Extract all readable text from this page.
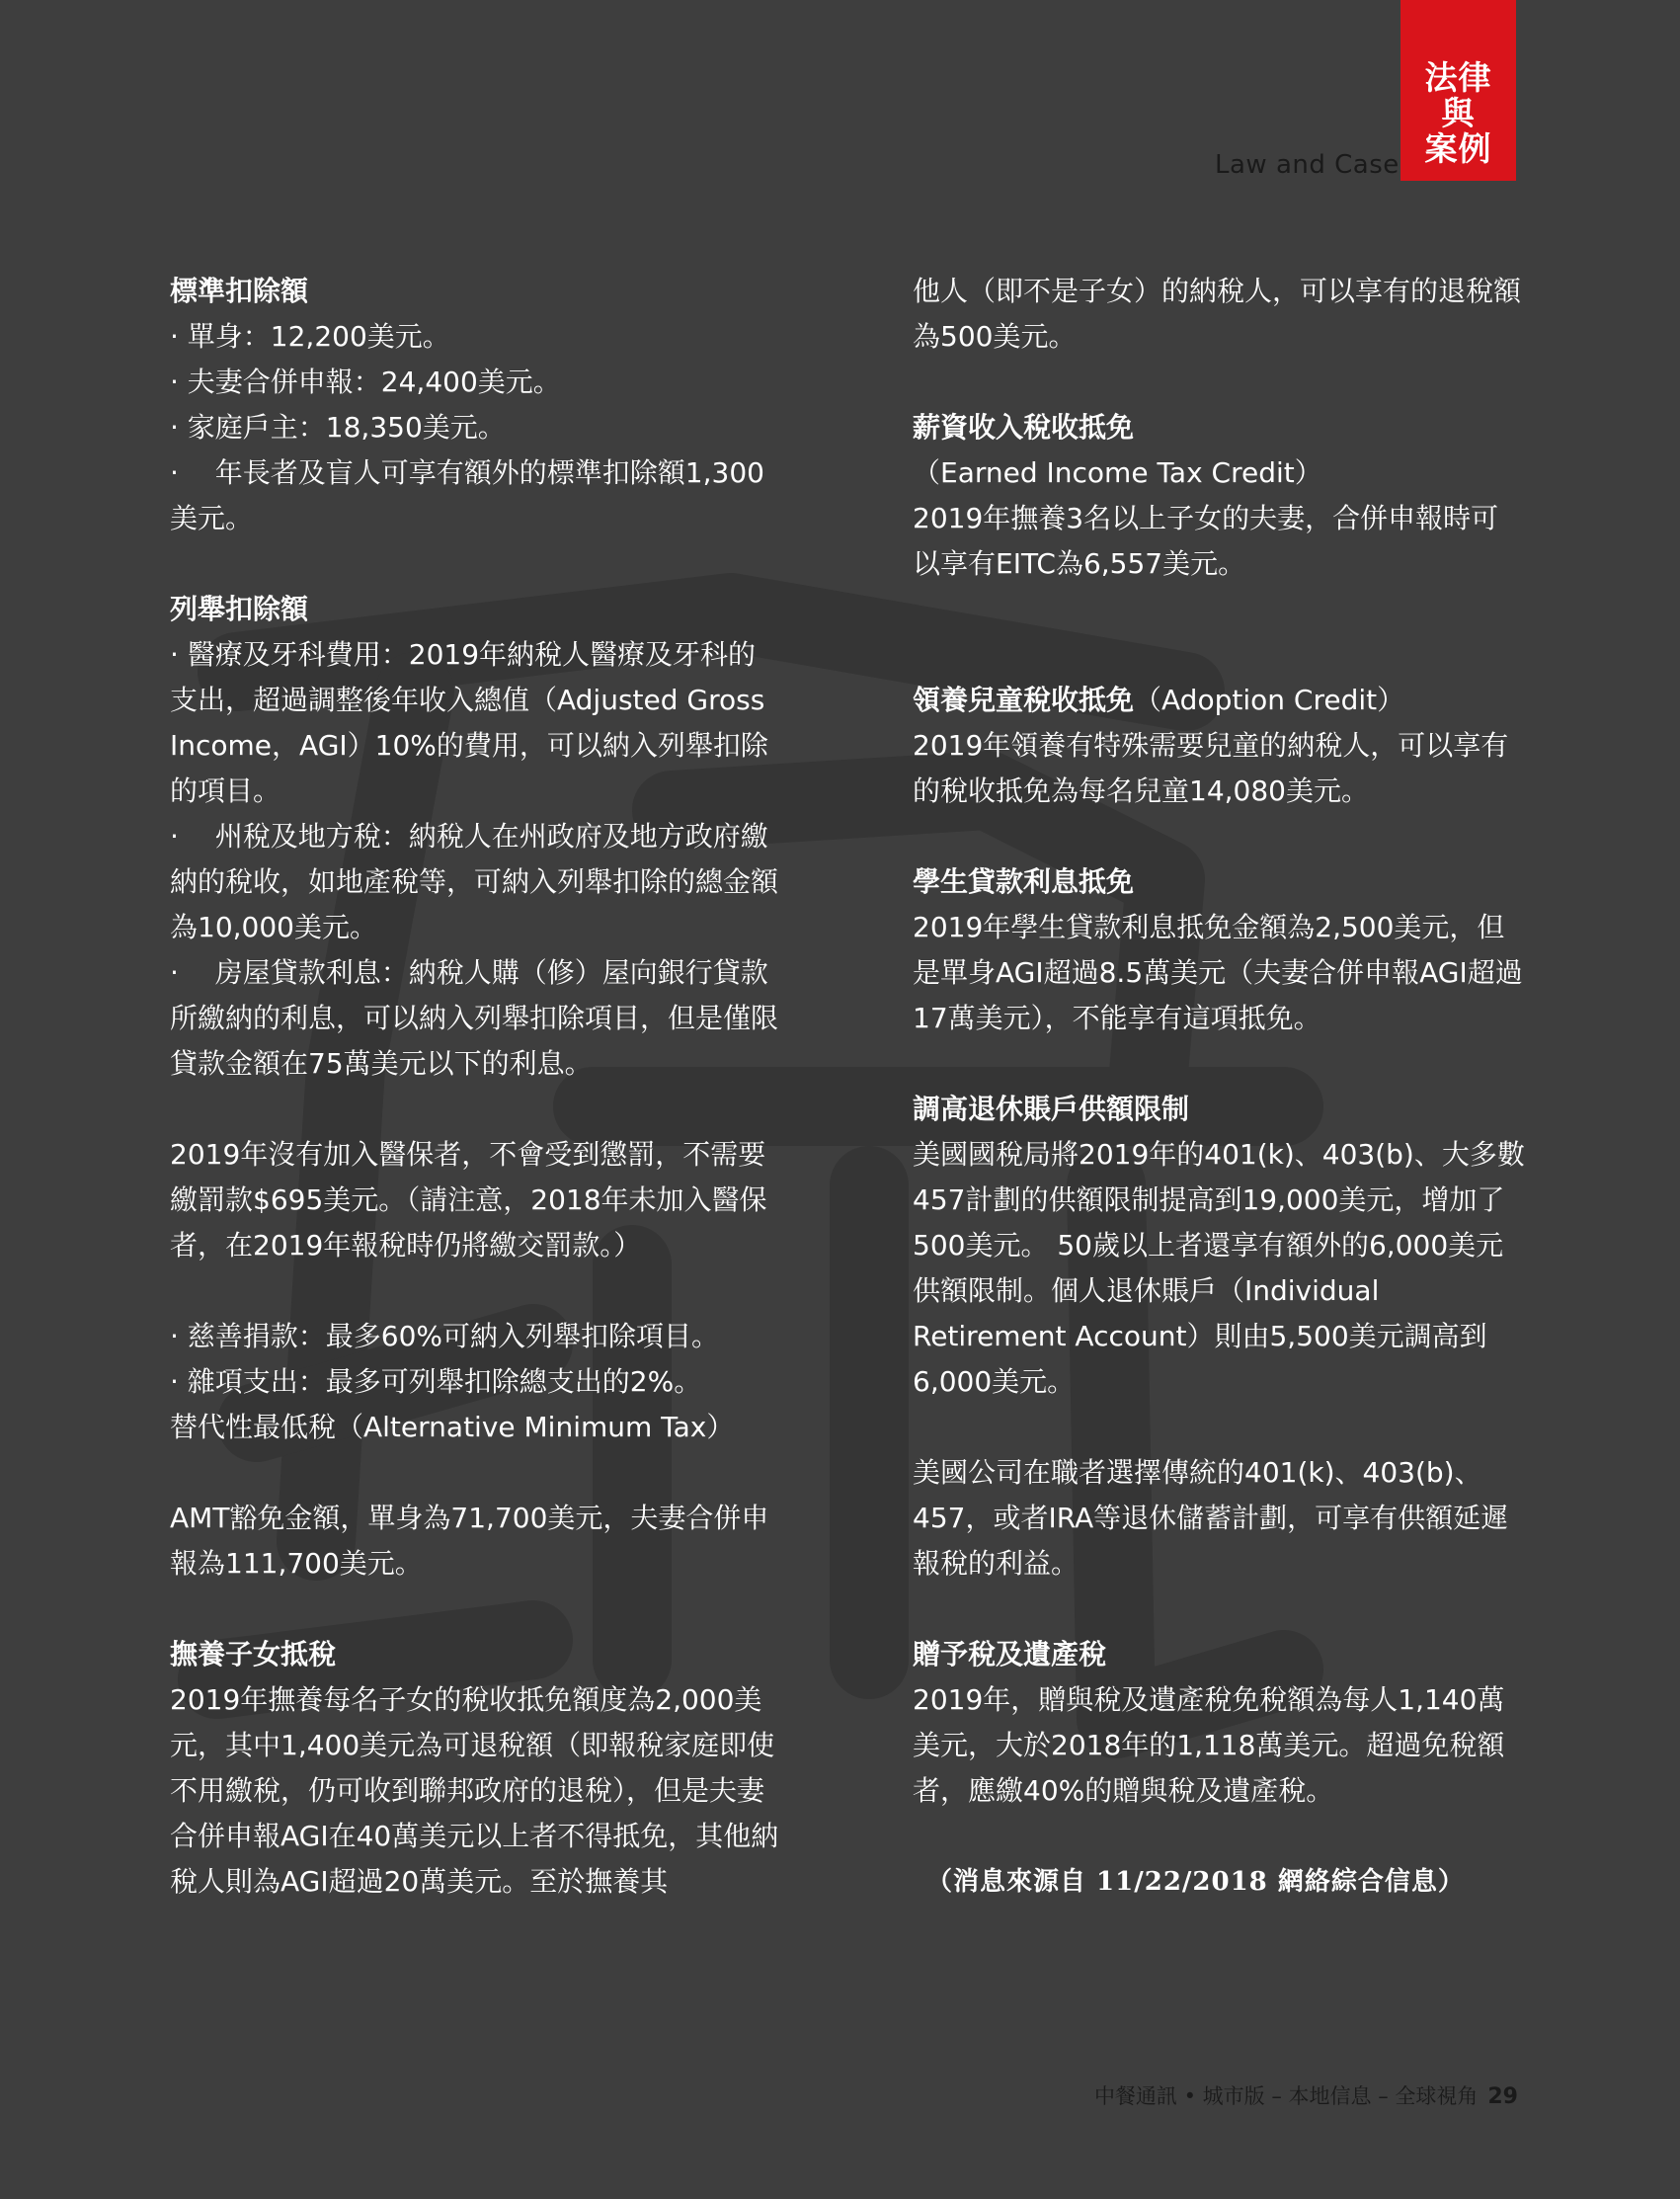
法律
與
案例
Law and Case

標準扣除額

· 單身：12,200美元。

· 夫妻合併申報：24,400美元。

· 家庭戶主：18,350美元。

· 　年長者及盲人可享有額外的標準扣除額1,300美元。

列舉扣除額

· 醫療及牙科費用：2019年納稅人醫療及牙科的支出，超過調整後年收入總值（Adjusted Gross Income，AGI）10%的費用，可以納入列舉扣除的項目。

· 　州稅及地方稅：納稅人在州政府及地方政府繳納的稅收，如地產稅等，可納入列舉扣除的總金額為10,000美元。

· 　房屋貸款利息：納稅人購（修）屋向銀行貸款所繳納的利息，可以納入列舉扣除項目，但是僅限貸款金額在75萬美元以下的利息。

2019年沒有加入醫保者，不會受到懲罰，不需要繳罰款$695美元。（請注意，2018年未加入醫保者，在2019年報稅時仍將繳交罰款。）

· 慈善捐款：最多60%可納入列舉扣除項目。

· 雜項支出：最多可列舉扣除總支出的2%。

替代性最低稅（Alternative Minimum Tax）

AMT豁免金額，單身為71,700美元，夫妻合併申報為111,700美元。

撫養子女抵稅

2019年撫養每名子女的稅收抵免額度為2,000美元，其中1,400美元為可退稅額（即報稅家庭即使不用繳稅，仍可收到聯邦政府的退稅），但是夫妻合併申報AGI在40萬美元以上者不得抵免，其他納稅人則為AGI超過20萬美元。至於撫養其

他人（即不是子女）的納稅人，可以享有的退稅額為500美元。

薪資收入稅收抵免

（Earned Income Tax Credit）

2019年撫養3名以上子女的夫妻，合併申報時可以享有EITC為6,557美元。

領養兒童稅收抵免（Adoption Credit）

2019年領養有特殊需要兒童的納稅人，可以享有的稅收抵免為每名兒童14,080美元。

學生貸款利息抵免

2019年學生貸款利息抵免金額為2,500美元，但是單身AGI超過8.5萬美元（夫妻合併申報AGI超過17萬美元），不能享有這項抵免。

調高退休賬戶供額限制

美國國稅局將2019年的401(k)、403(b)、大多數457計劃的供額限制提高到19,000美元，增加了500美元。 50歲以上者還享有額外的6,000美元供額限制。個人退休賬戶（Individual Retirement Account）則由5,500美元調高到6,000美元。

美國公司在職者選擇傳統的401(k)、403(b)、457，或者IRA等退休儲蓄計劃，可享有供額延遲報稅的利益。

贈予稅及遺產稅

2019年，贈與稅及遺產稅免稅額為每人1,140萬美元，大於2018年的1,118萬美元。超過免稅額者，應繳40%的贈與稅及遺產稅。

（消息來源自 11/22/2018 網絡綜合信息）

中餐通訊 • 城市版 – 本地信息 – 全球視角 29
